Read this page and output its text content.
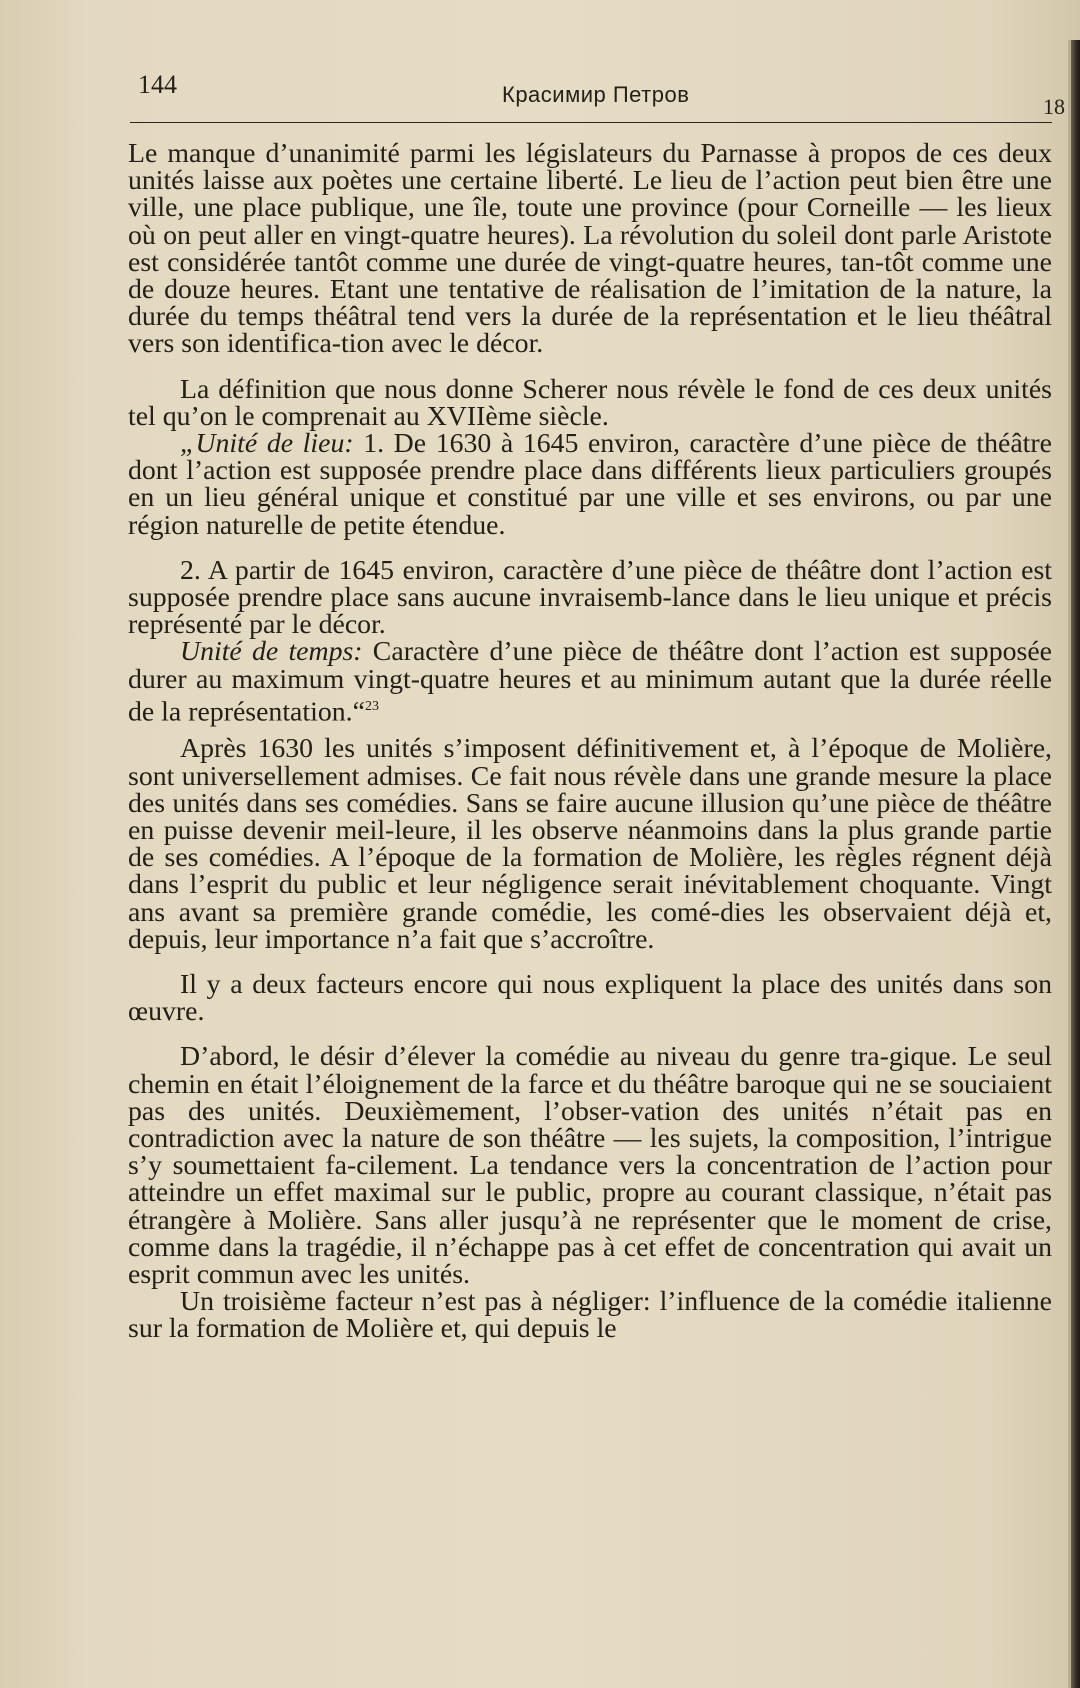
144	Красимир Петров	18

Le manque d’unanimité parmi les législateurs du Parnasse à propos de ces deux unités laisse aux poètes une certaine liberté. Le lieu de l’action peut bien être une ville, une place publique, une île, toute une province (pour Corneille — les lieux où on peut aller en vingt-quatre heures). La révolution du soleil dont parle Aristote est considérée tantôt comme une durée de vingt-quatre heures, tan-tôt comme une de douze heures. Etant une tentative de réalisation de l’imitation de la nature, la durée du temps théâtral tend vers la durée de la représentation et le lieu théâtral vers son identifica-tion avec le décor.

La définition que nous donne Scherer nous révèle le fond de ces deux unités tel qu’on le comprenait au XVIIème siècle.

„Unité de lieu: 1. De 1630 à 1645 environ, caractère d’une pièce de théâtre dont l’action est supposée prendre place dans différents lieux particuliers groupés en un lieu général unique et constitué par une ville et ses environs, ou par une région naturelle de petite étendue.

2. A partir de 1645 environ, caractère d’une pièce de théâtre dont l’action est supposée prendre place sans aucune invraisemb-lance dans le lieu unique et précis représenté par le décor.

Unité de temps: Caractère d’une pièce de théâtre dont l’action est supposée durer au maximum vingt-quatre heures et au minimum autant que la durée réelle de la représentation.“$^{23}$

Après 1630 les unités s’imposent définitivement et, à l’époque de Molière, sont universellement admises. Ce fait nous révèle dans une grande mesure la place des unités dans ses comédies. Sans se faire aucune illusion qu’une pièce de théâtre en puisse devenir meil-leure, il les observe néanmoins dans la plus grande partie de ses comédies. A l’époque de la formation de Molière, les règles régnent déjà dans l’esprit du public et leur négligence serait inévitablement choquante. Vingt ans avant sa première grande comédie, les comé-dies les observaient déjà et, depuis, leur importance n’a fait que s’accroître.

Il y a deux facteurs encore qui nous expliquent la place des unités dans son œuvre.

D’abord, le désir d’élever la comédie au niveau du genre tra-gique. Le seul chemin en était l’éloignement de la farce et du théâtre baroque qui ne se souciaient pas des unités. Deuxièmement, l’obser-vation des unités n’était pas en contradiction avec la nature de son théâtre — les sujets, la composition, l’intrigue s’y soumettaient fa-cilement. La tendance vers la concentration de l’action pour atteindre un effet maximal sur le public, propre au courant classique, n’était pas étrangère à Molière. Sans aller jusqu’à ne représenter que le moment de crise, comme dans la tragédie, il n’échappe pas à cet effet de concentration qui avait un esprit commun avec les unités.

Un troisième facteur n’est pas à négliger: l’influence de la comédie italienne sur la formation de Molière et, qui depuis le
